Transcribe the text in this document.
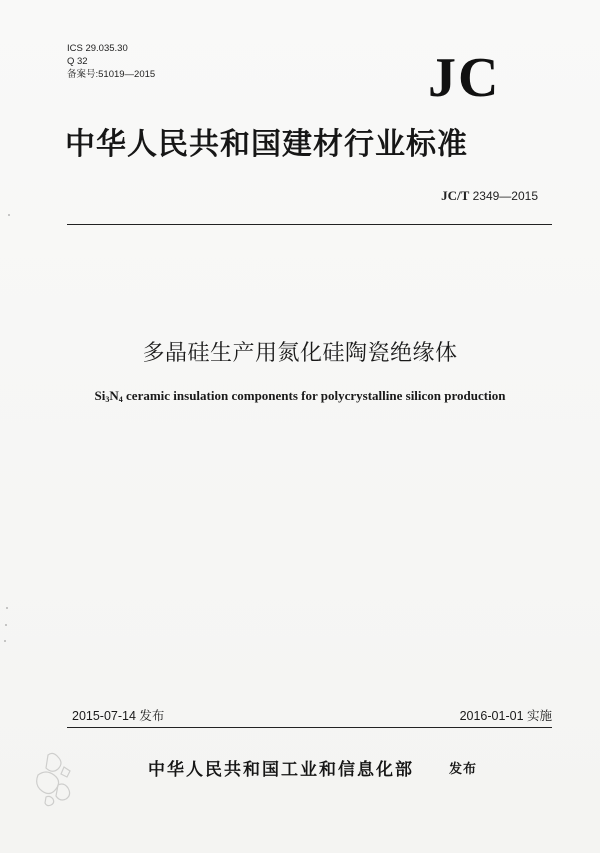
ICS 29.035.30
Q 32
备案号:51019—2015	JC
中华人民共和国建材行业标准
JC/T 2349—2015
多晶硅生产用氮化硅陶瓷绝缘体
$Si_3N_4$ ceramic insulation components for polycrystalline silicon production
2015-07-14 发布	2016-01-01 实施
中华人民共和国工业和信息化部	发布
